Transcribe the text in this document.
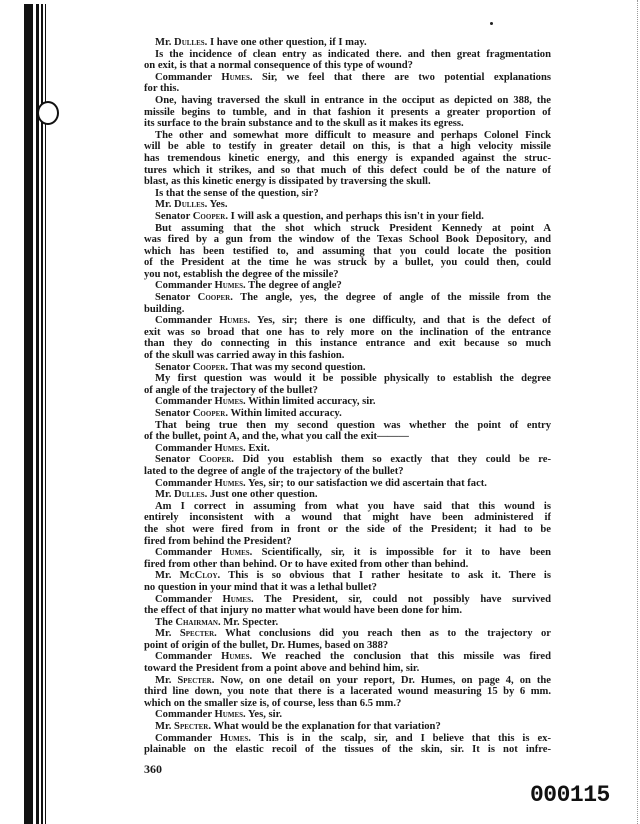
Mr. Dulles. I have one other question, if I may.
Is the incidence of clean entry as indicated there. and then great fragmentation
on exit, is that a normal consequence of this type of wound?
Commander Humes. Sir, we feel that there are two potential explanations
for this.
One, having traversed the skull in entrance in the occiput as depicted on 388, the
missile begins to tumble, and in that fashion it presents a greater proportion of
its surface to the brain substance and to the skull as it makes its egress.
The other and somewhat more difficult to measure and perhaps Colonel Finck
will be able to testify in greater detail on this, is that a high velocity missile
has tremendous kinetic energy, and this energy is expanded against the struc-
tures which it strikes, and so that much of this defect could be of the nature of
blast, as this kinetic energy is dissipated by traversing the skull.
Is that the sense of the question, sir?
Mr. Dulles. Yes.
Senator Cooper. I will ask a question, and perhaps this isn't in your field.
But assuming that the shot which struck President Kennedy at point A
was fired by a gun from the window of the Texas School Book Depository, and
which has been testified to, and assuming that you could locate the position
of the President at the time he was struck by a bullet, you could then, could
you not, establish the degree of the missile?
Commander Humes. The degree of angle?
Senator Cooper. The angle, yes, the degree of angle of the missile from the
building.
Commander Humes. Yes, sir; there is one difficulty, and that is the defect of
exit was so broad that one has to rely more on the inclination of the entrance
than they do connecting in this instance entrance and exit because so much
of the skull was carried away in this fashion.
Senator Cooper. That was my second question.
My first question was would it be possible physically to establish the degree
of angle of the trajectory of the bullet?
Commander Humes. Within limited accuracy, sir.
Senator Cooper. Within limited accuracy.
That being true then my second question was whether the point of entry
of the bullet, point A, and the, what you call the exit———
Commander Humes. Exit.
Senator Cooper. Did you establish them so exactly that they could be re-
lated to the degree of angle of the trajectory of the bullet?
Commander Humes. Yes, sir; to our satisfaction we did ascertain that fact.
Mr. Dulles. Just one other question.
Am I correct in assuming from what you have said that this wound is
entirely inconsistent with a wound that might have been administered if
the shot were fired from in front or the side of the President; it had to be
fired from behind the President?
Commander Humes. Scientifically, sir, it is impossible for it to have been
fired from other than behind. Or to have exited from other than behind.
Mr. McCloy. This is so obvious that I rather hesitate to ask it. There is
no question in your mind that it was a lethal bullet?
Commander Humes. The President, sir, could not possibly have survived
the effect of that injury no matter what would have been done for him.
The Chairman. Mr. Specter.
Mr. Specter. What conclusions did you reach then as to the trajectory or
point of origin of the bullet, Dr. Humes, based on 388?
Commander Humes. We reached the conclusion that this missile was fired
toward the President from a point above and behind him, sir.
Mr. Specter. Now, on one detail on your report, Dr. Humes, on page 4, on the
third line down, you note that there is a lacerated wound measuring 15 by 6 mm.
which on the smaller size is, of course, less than 6.5 mm.?
Commander Humes. Yes, sir.
Mr. Specter. What would be the explanation for that variation?
Commander Humes. This is in the scalp, sir, and I believe that this is ex-
plainable on the elastic recoil of the tissues of the skin, sir. It is not infre-
360
000115
